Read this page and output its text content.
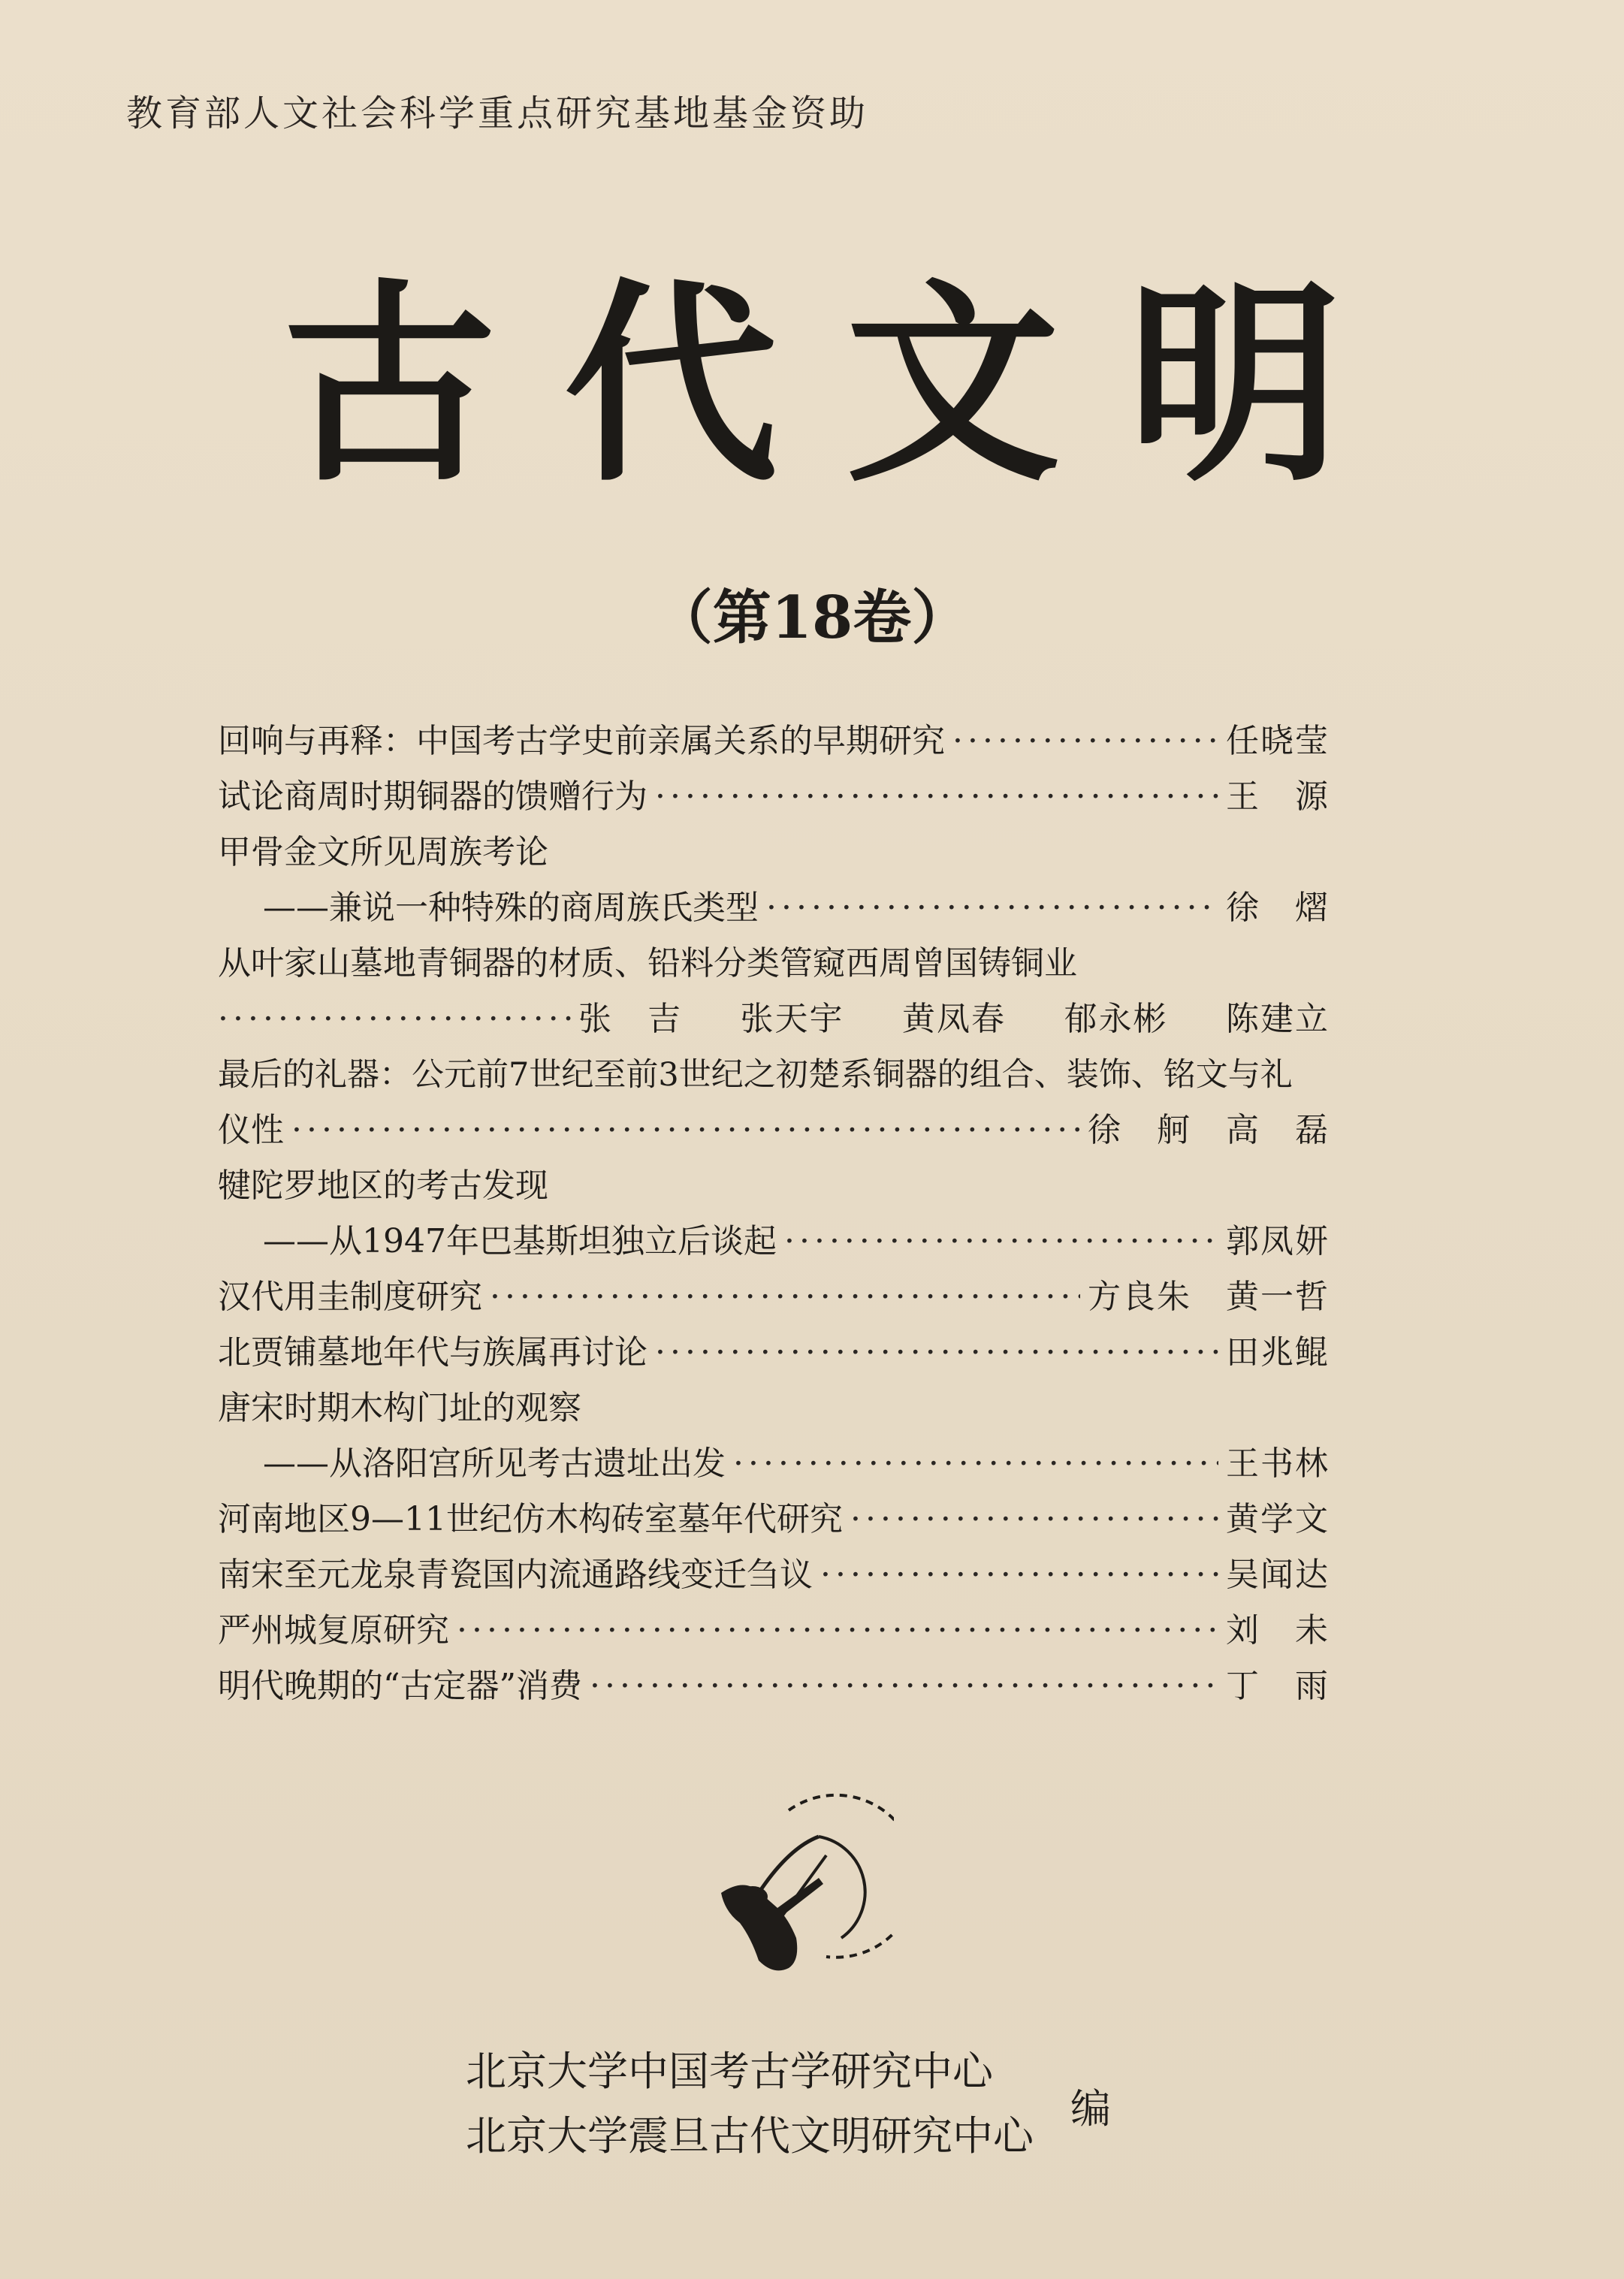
教育部人文社会科学重点研究基地基金资助
古代文明
（第18卷）
回响与再释：中国考古学史前亲属关系的早期研究 ·····	任晓莹
试论商周时期铜器的馈赠行为 ·····	王　源
甲骨金文所见周族考论
——兼说一种特殊的商周族氏类型 ·····	徐　熠
从叶家山墓地青铜器的材质、铅料分类管窥西周曾国铸铜业
·····
张　吉 张天宇 黄凤春 郁永彬 陈建立
最后的礼器：公元前7世纪至前3世纪之初楚系铜器的组合、装饰、铭文与礼
仪性 ·····	徐　舸　高　磊
犍陀罗地区的考古发现
——从1947年巴基斯坦独立后谈起 ·····	郭凤妍
汉代用圭制度研究 ·····	方良朱　黄一哲
北贾铺墓地年代与族属再讨论 ·····	田兆鲲
唐宋时期木构门址的观察
——从洛阳宫所见考古遗址出发 ·····	王书林
河南地区9—11世纪仿木构砖室墓年代研究 ·····	黄学文
南宋至元龙泉青瓷国内流通路线变迁刍议 ·····	吴闻达
严州城复原研究 ·····	刘　未
明代晚期的“古定器”消费 ·····	丁　雨
北京大学中国考古学研究中心
北京大学震旦古代文明研究中心
编
